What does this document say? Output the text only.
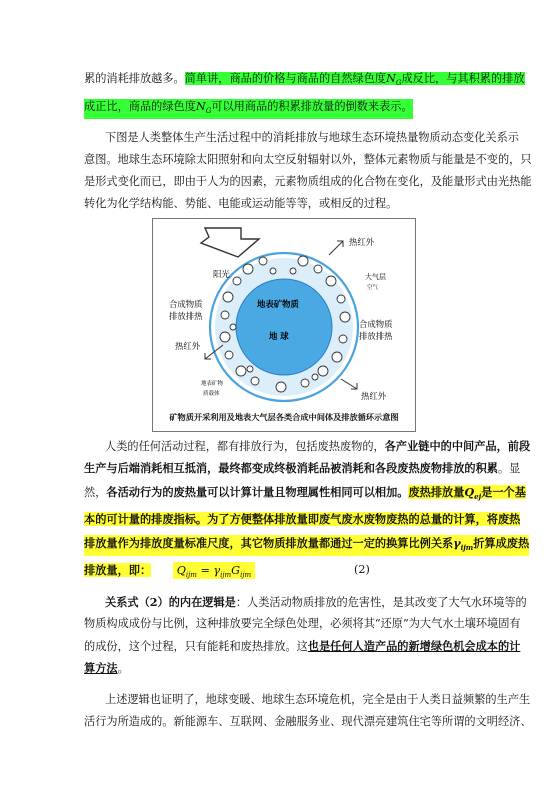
累的消耗排放越多。简单讲，商品的价格与商品的自然绿色度$N_G$成反比，与其积累的排放
成正比，商品的绿色度$N_G$可以用商品的积累排放量的倒数来表示。
下图是人类整体生产生活过程中的消耗排放与地球生态环境热量物质动态变化关系示
意图。地球生态环境除太阳照射和向太空反射辐射以外，整体元素物质与能量是不变的，只
是形式变化而已，即由于人为的因素，元素物质组成的化合物在变化，及能量形式由光热能
转化为化学结构能、势能、电能或运动能等等，或相反的过程。
阳光
热红外
大气层
空气
合成物质
排放排热
合成物质
排放排热
热红外
热红外
地表矿物质
地 球
地表矿物
质载体
矿物质开采利用及地表大气层各类合成中间体及排放循环示意图
人类的任何活动过程，都有排放行为，包括废热废物的，各产业链中的中间产品，前段
生产与后端消耗相互抵消，最终都变成终极消耗品被消耗和各段废热废物排放的积累。显
然，各活动行为的废热量可以计算计量且物理属性相同可以相加。废热排放量$Q_{ej}$是一个基
本的可计量的排废指标。为了方便整体排放量即废气废水废物废热的总量的计算，将废热
排放量作为排放度量标准尺度，其它物质排放量都通过一定的换算比例关系$\gamma_{ijm}$折算成废热
排放量，即： $Q_{ijm} = \gamma_{ijm}G_{ijm}$	(2)
关系式（2）的内在逻辑是：人类活动物质排放的危害性，是其改变了大气水环境等的
物质构成成份与比例，这种排放要完全绿色处理，必须将其“还原”为大气水土壤环境固有
的成份，这个过程，只有能耗和废热排放。这也是任何人造产品的新增绿色机会成本的计
算方法。
上述逻辑也证明了，地球变暖、地球生态环境危机，完全是由于人类日益频繁的生产生
活行为所造成的。新能源车、互联网、金融服务业、现代漂亮建筑住宅等所谓的文明经济、
